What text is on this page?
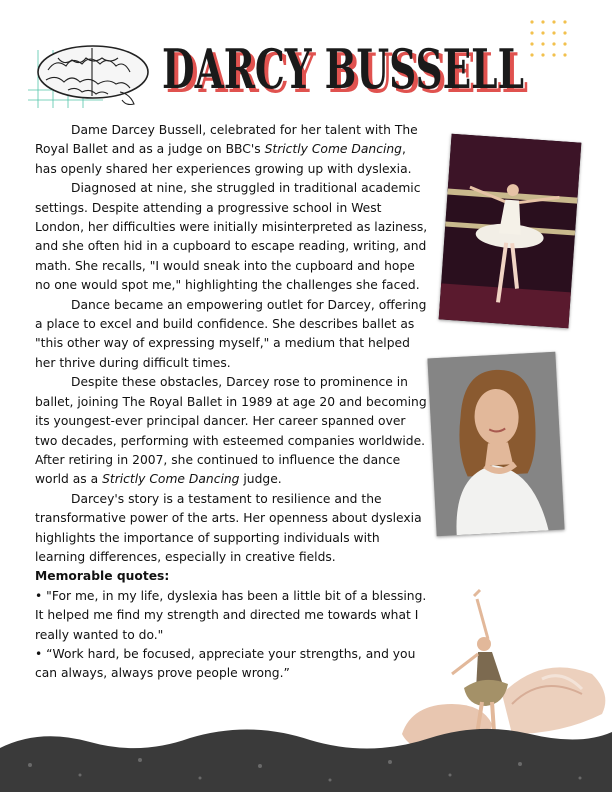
DARCY BUSSELL
DARCY BUSSELL

Dame Darcey Bussell, celebrated for her talent with The Royal Ballet and as a judge on BBC's Strictly Come Dancing, has openly shared her experiences growing up with dyslexia.

Diagnosed at nine, she struggled in traditional academic settings. Despite attending a progressive school in West London, her difficulties were initially misinterpreted as laziness, and she often hid in a cupboard to escape reading, writing, and math. She recalls, "I would sneak into the cupboard and hope no one would spot me," highlighting the challenges she faced.

Dance became an empowering outlet for Darcey, offering a place to excel and build confidence. She describes ballet as "this other way of expressing myself," a medium that helped her thrive during difficult times.

Despite these obstacles, Darcey rose to prominence in ballet, joining The Royal Ballet in 1989 at age 20 and becoming its youngest-ever principal dancer. Her career spanned over two decades, performing with esteemed companies worldwide. After retiring in 2007, she continued to influence the dance world as a Strictly Come Dancing judge.

Darcey's story is a testament to resilience and the transformative power of the arts. Her openness about dyslexia highlights the importance of supporting individuals with learning differences, especially in creative fields.

Memorable quotes:

• "For me, in my life, dyslexia has been a little bit of a blessing. It helped me find my strength and directed me towards what I really wanted to do."

• “Work hard, be focused, appreciate your strengths, and you can always, always prove people wrong.”
